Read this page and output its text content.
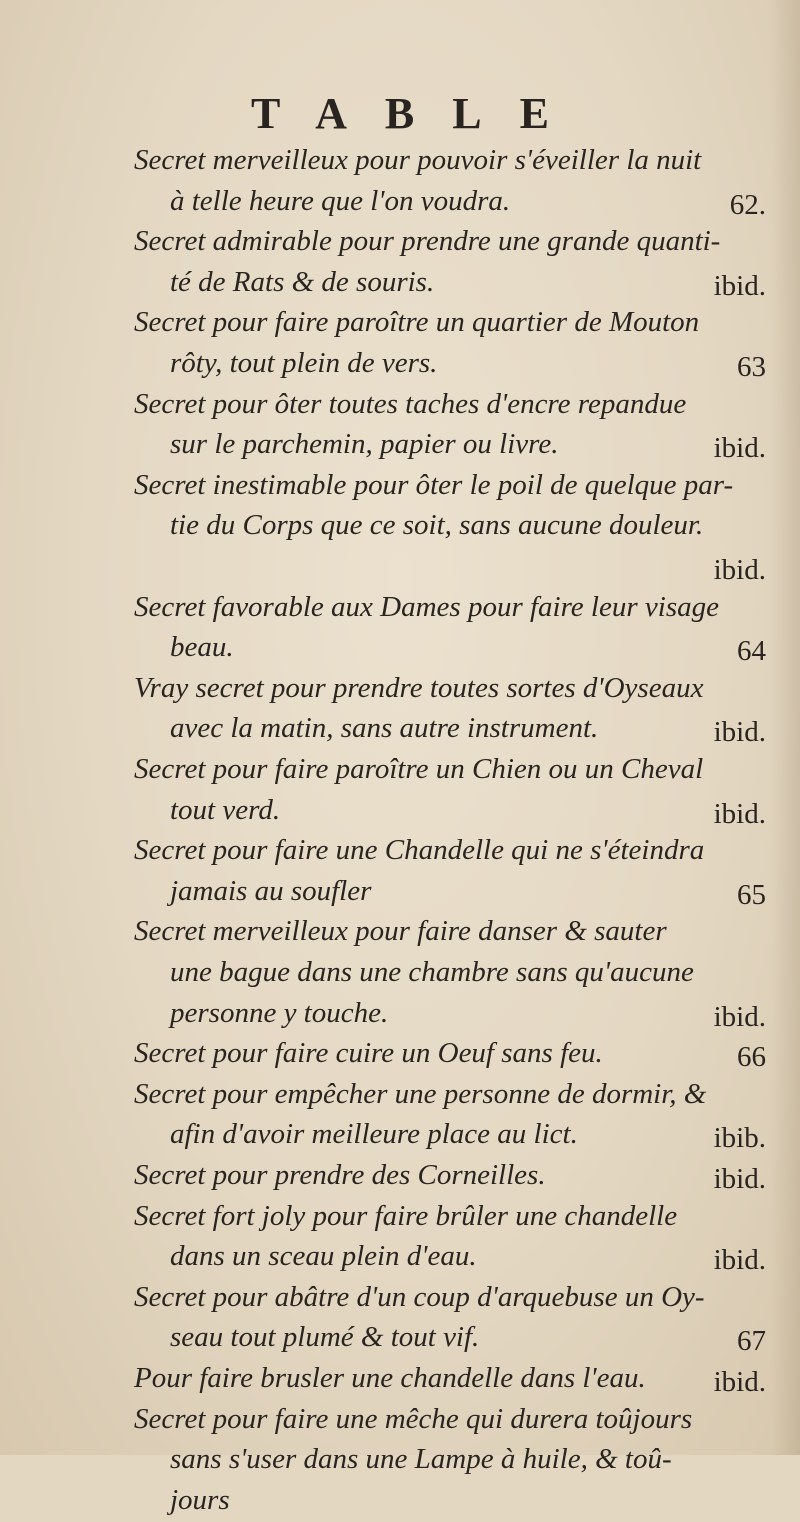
TABLE
Secret merveilleux pour pouvoir s'éveiller la nuit
à telle heure que l'on voudra.	62.
Secret admirable pour prendre une grande quanti-
té de Rats & de souris.	ibid.
Secret pour faire paroître un quartier de Mouton
rôty, tout plein de vers.	63
Secret pour ôter toutes taches d'encre repandue
sur le parchemin, papier ou livre.	ibid.
Secret inestimable pour ôter le poil de quelque par-
tie du Corps que ce soit, sans aucune douleur.
ibid.
Secret favorable aux Dames pour faire leur visage
beau.	64
Vray secret pour prendre toutes sortes d'Oyseaux
avec la matin, sans autre instrument.	ibid.
Secret pour faire paroître un Chien ou un Cheval
tout verd.	ibid.
Secret pour faire une Chandelle qui ne s'éteindra
jamais au soufler	65
Secret merveilleux pour faire danser & sauter
une bague dans une chambre sans qu'aucune
personne y touche.	ibid.
Secret pour faire cuire un Oeuf sans feu.	66
Secret pour empêcher une personne de dormir, &
afin d'avoir meilleure place au lict.	ibib.
Secret pour prendre des Corneilles.	ibid.
Secret fort joly pour faire brûler une chandelle
dans un sceau plein d'eau.	ibid.
Secret pour abâtre d'un coup d'arquebuse un Oy-
seau tout plumé & tout vif.	67
Pour faire brusler une chandelle dans l'eau. ibid.
Secret pour faire une mêche qui durera toûjours
sans s'user dans une Lampe à huile, & toû-
jours
